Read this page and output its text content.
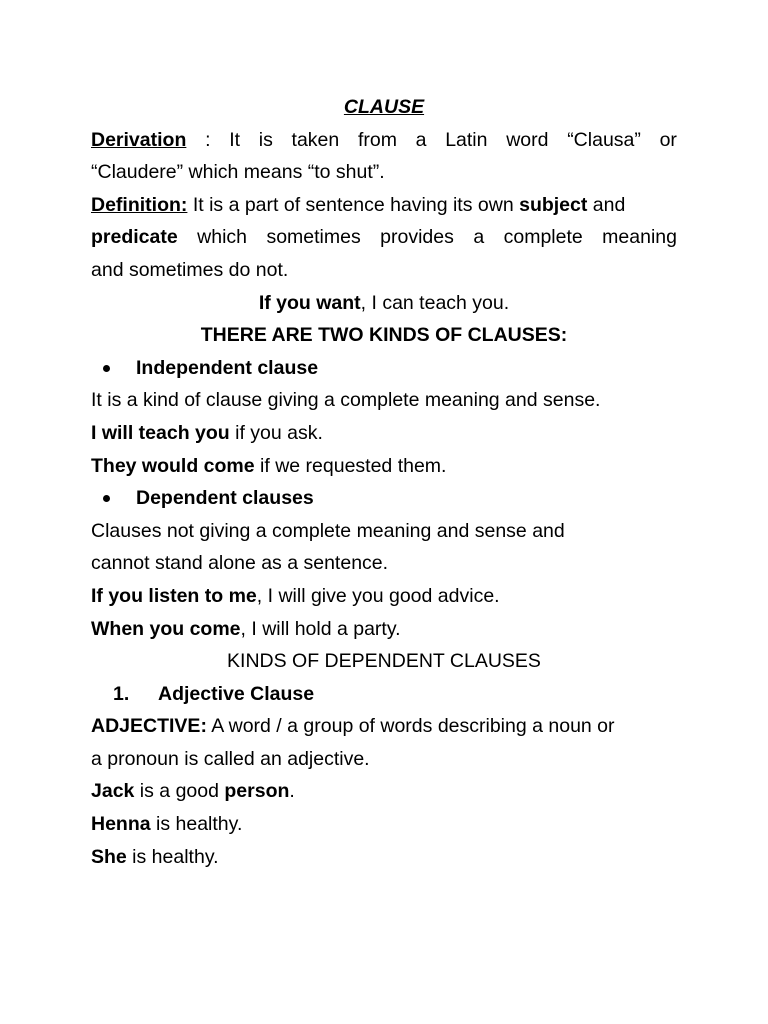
CLAUSE
Derivation : It is taken from a Latin word “Clausa” or
“Claudere” which means “to shut”.
Definition: It is a part of sentence having its own subject and
predicate which sometimes provides a complete meaning
and sometimes do not.
If you want, I can teach you.
THERE ARE TWO KINDS OF CLAUSES:
Independent clause
It is a kind of clause giving a complete meaning and sense.
I will teach you if you ask.
They would come if we requested them.
Dependent clauses
Clauses not giving a complete meaning and sense and
cannot stand alone as a sentence.
If you listen to me, I will give you good advice.
When you come, I will hold a party.
KINDS OF DEPENDENT CLAUSES
1. Adjective Clause
ADJECTIVE: A word / a group of words describing a noun or
a pronoun is called an adjective.
Jack is a good person.
Henna is healthy.
She is healthy.
